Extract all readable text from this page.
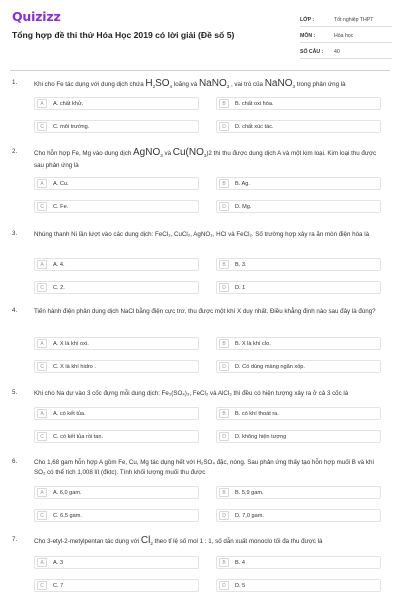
Quizizz
Tổng hợp đề thi thử Hóa Học 2019 có lời giải (Đề số 5)
LỚP :	Tốt nghiệp THPT
MÔN :	Hóa học
SỐ CÂU :	40
1.	Khi cho Fe tác dụng với dung dịch chứa $H_2SO_4$ loãng và NaNO$_3$ , vai trò của NaNO$_3$ trong phản ứng là
A	A. chất khử.	B	B. chất oxi hóa.
C	C. môi trường.	D	D. chất xúc tác.
2.	Cho hỗn hợp Fe, Mg vào dung dịch AgNO$_3$ và $Cu(NO_3)2$ thì thu được dung dịch A và một kim loại. Kim loại thu được sau phản ứng là
A	A. Cu.	B	B. Ag.
C	C. Fe.	D	D. Mg.
3.	Nhúng thanh Ni lần lượt vào các dung dịch: FeCl₃, CuCl₂, AgNO₃, HCl và FeCl₂. Số trường hợp xảy ra ăn mòn điện hóa là
A	A. 4.	B	B. 3.
C	C. 2.	D	D. 1
4.	Tiến hành điện phân dung dịch NaCl bằng điện cực trơ, thu được một khí X duy nhất. Điều khẳng định nào sau đây là đúng?
A	A. X là khí oxi.	B	B. X là khí clo.
C	C. X là khí hidro .	D	D. Có dùng màng ngăn xốp.
5.	Khi cho Na dư vào 3 cốc đựng mỗi dung dịch: Fe₂(SO₄)₃, FeCl₂ và AlCl₃ thì đều có hiện tượng xảy ra ở cả 3 cốc là
A	A. có kết tủa.	B	B. có khí thoát ra.
C	C. có kết tủa rồi tan.	D	D. không hiện tượng
6.	Cho 1,68 gam hỗn hợp A gồm Fe, Cu, Mg tác dụng hết với H₂SO₄ đặc, nóng. Sau phản ứng thấy tạo hỗn hợp muối B và khí SO₂ có thể tích 1,008 lít (đktc). Tính khối lượng muối thu được
A	A. 6,0 gam.	B	B. 5,9 gam.
C	C. 6,5 gam.	D	D. 7,0 gam.
7.	Cho 3-etyl-2-metylpentan tác dụng với $Cl_2$ theo tỉ lệ số mol 1 : 1, số dẫn xuất monoclo tối đa thu được là
A	A. 3	B	B. 4
C	C. 7	D	D. 5
